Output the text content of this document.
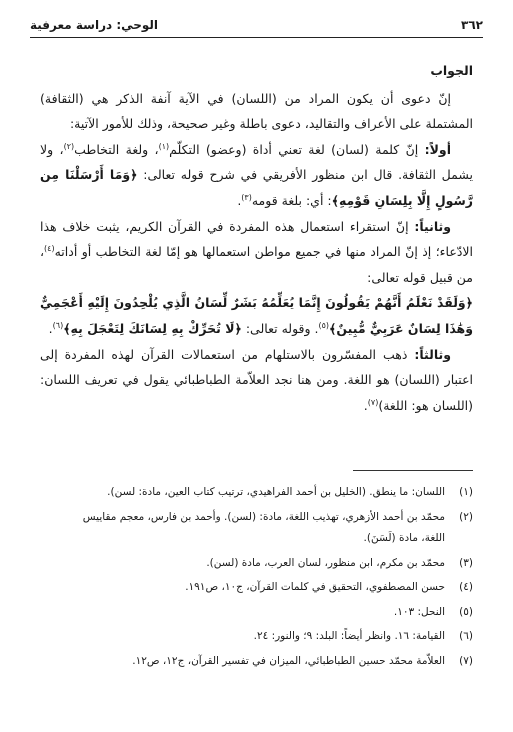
٣٦٢
الوحي: دراسة معرفية

الجواب

إنّ دعوى أن يكون المراد من (اللسان) في الآية آنفة الذكر هي (الثقافة) المشتملة على الأعراف والتقاليد، دعوى باطلة وغير صحيحة، وذلك للأمور الآتية:

أولاً: إنّ كلمة (لسان) لغة تعني أداة (وعضو) التكلّم$^{(١)}$، ولغة التخاطب$^{(٢)}$، ولا يشمل الثقافة. قال ابن منظور الأفريقي في شرح قوله تعالى: ﴿وَمَا أَرْسَلْنَا مِن رَّسُولٍ إِلَّا بِلِسَانِ قَوْمِهِ﴾: أي: بلغة قومه$^{(٣)}$.

وثانياً: إنّ استقراء استعمال هذه المفردة في القرآن الكريم، يثبت خلاف هذا الادّعاء؛ إذ إنّ المراد منها في جميع مواطن استعمالها هو إمّا لغة التخاطب أو أداته$^{(٤)}$، من قبيل قوله تعالى:

﴿وَلَقَدْ نَعْلَمُ أَنَّهُمْ يَقُولُونَ إِنَّمَا يُعَلِّمُهُ بَشَرٌ لِّسَانُ الَّذِي يُلْحِدُونَ إِلَيْهِ أَعْجَمِيٌّ وَهَٰذَا لِسَانٌ عَرَبِيٌّ مُّبِينٌ﴾$^{(٥)}$. وقوله تعالى: ﴿لَا تُحَرِّكْ بِهِ لِسَانَكَ لِتَعْجَلَ بِهِ﴾$^{(٦)}$.

وثالثاً: ذهب المفسّرون بالاستلهام من استعمالات القرآن لهذه المفردة إلى اعتبار (اللسان) هو اللغة. ومن هنا نجد العلاّمة الطباطبائي يقول في تعريف اللسان: (اللسان هو: اللغة)$^{(٧)}$.

(١)
اللسان: ما ينطق. (الخليل بن أحمد الفراهيدي، ترتيب كتاب العين، مادة: لسن).

(٢)
محمّد بن أحمد الأزهري، تهذيب اللغة، مادة: (لسن). وأحمد بن فارس، معجم مقاييس
اللغة، مادة (لَسَنَ).

(٣)
محمّد بن مكرم، ابن منظور، لسان العرب، مادة (لسن).

(٤)
حسن المصطفوي، التحقيق في كلمات القرآن، ج١٠، ص١٩١.

(٥)
النحل: ١٠٣.

(٦)
القيامة: ١٦. وانظر أيضاً: البلد: ٩؛ والنور: ٢٤.

(٧)
العلاّمة محمّد حسين الطباطبائي، الميزان في تفسير القرآن، ج١٢، ص١٢.
